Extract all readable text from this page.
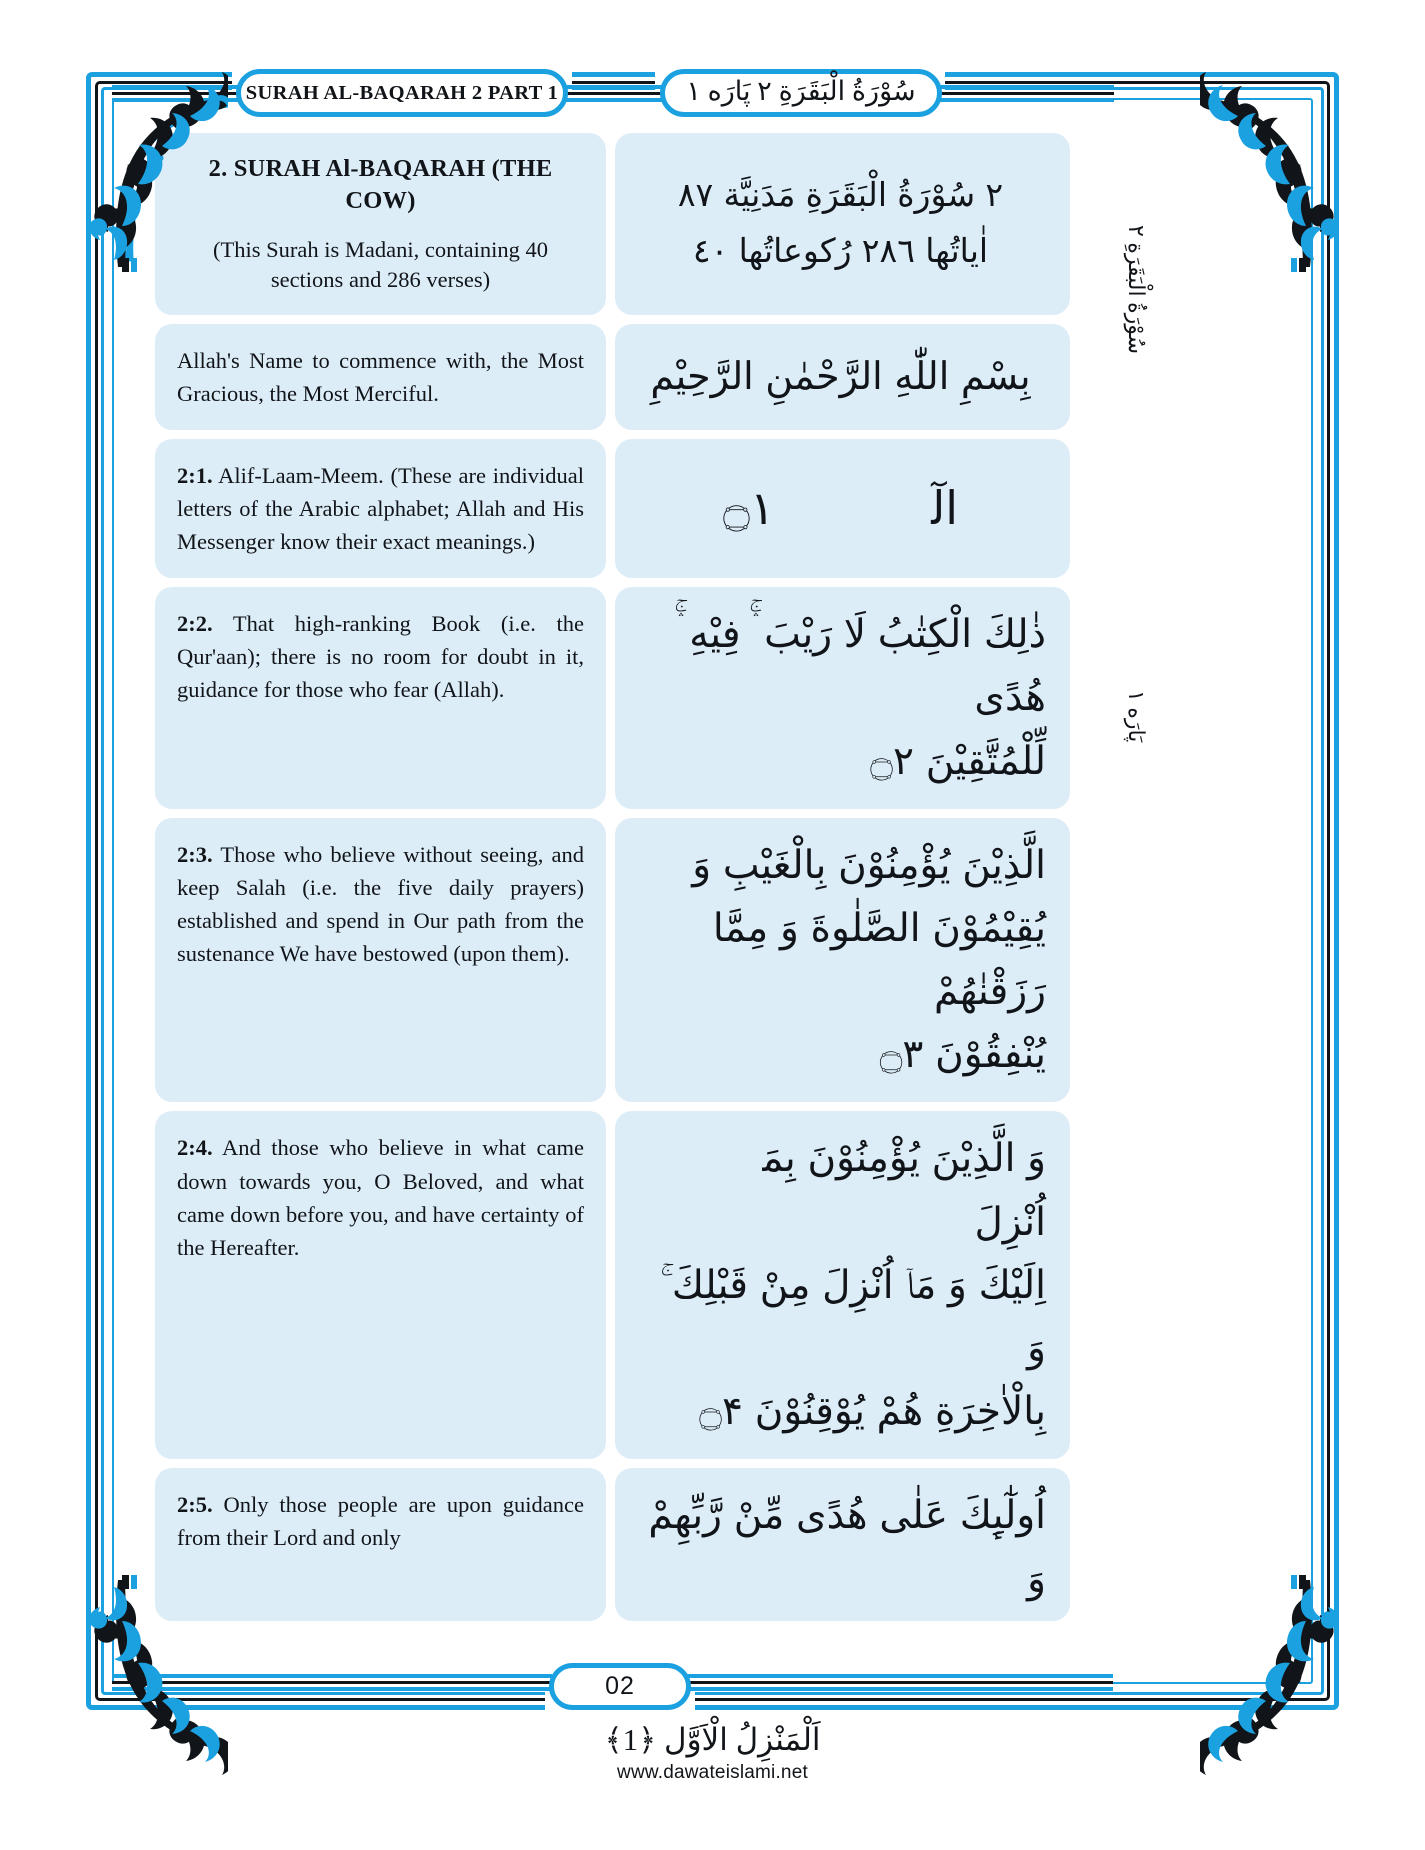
SURAH AL-BAQARAH 2 PART 1	سُوْرَةُ الْبَقَرَةِ ٢ پَارَه ١
سُوْرَةُ الْبَقَرَةِ ٢
پَارَه ١
2. SURAH Al-BAQARAH (THE COW)
(This Surah is Madani, containing 40 sections and 286 verses)
٢ سُوْرَةُ الْبَقَرَةِ مَدَنِیَّة ٨٧
اٰیاتُها ٢٨٦ رُکوعاتُها ٤٠
Allah's Name to commence with, the Most Gracious, the Most Merciful.	بِسْمِ اللّٰهِ الرَّحْمٰنِ الرَّحِیْمِ
2:1. Alif-Laam-Meem. (These are individual letters of the Arabic alphabet; Allah and His Messenger know their exact meanings.)
الٓمّٓۚ ۝۱
2:2. That high-ranking Book (i.e. the Qur'aan); there is no room for doubt in it, guidance for those who fear (Allah).
ذٰلِكَ الْكِتٰبُ لَا رَیْبَ ۛۚ فِیْهِ ۛۚ هُدًى
لِّلْمُتَّقِیْنَ ۝۲
2:3. Those who believe without seeing, and keep Salah (i.e. the five daily prayers) established and spend in Our path from the sustenance We have bestowed (upon them).
الَّذِیْنَ یُؤْمِنُوْنَ بِالْغَیْبِ وَ
یُقِیْمُوْنَ الصَّلٰوةَ وَ مِمَّا رَزَقْنٰهُمْ
یُنْفِقُوْنَ ۝۳
2:4. And those who believe in what came down towards you, O Beloved, and what came down before you, and have certainty of the Hereafter.
وَ الَّذِیْنَ یُؤْمِنُوْنَ بِمَاۤ اُنْزِلَ
اِلَیْكَ وَ مَاۤ اُنْزِلَ مِنْ قَبْلِكَ ۚ وَ
بِالْاٰخِرَةِ هُمْ یُوْقِنُوْنَ ۝۴
2:5. Only those people are upon guidance from their Lord and only
اُولٰٓىِٕكَ عَلٰى هُدًى مِّنْ رَّبِّهِمْ وَ
02
اَلْمَنْزِلُ الْاَوَّل ﴿1﴾
www.dawateislami.net
